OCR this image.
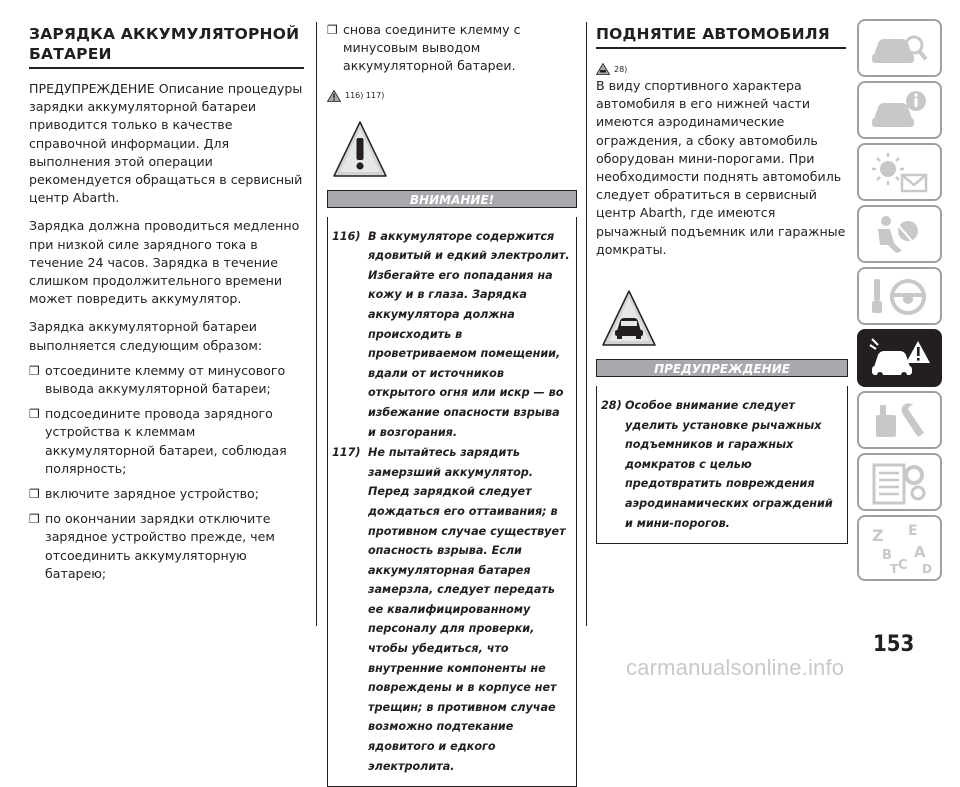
ЗАРЯДКА АККУМУЛЯТОРНОЙ
БАТАРЕИ

ПРЕДУПРЕЖДЕНИЕ Описание процедуры зарядки аккумуляторной батареи приводится только в качестве справочной информации. Для выполнения этой операции рекомендуется обращаться в сервисный центр Abarth.

Зарядка должна проводиться медленно при низкой силе зарядного тока в течение 24 часов. Зарядка в течение слишком продолжительного времени может повредить аккумулятор.

Зарядка аккумуляторной батареи выполняется следующим образом:

❒ отсоедините клемму от минусового вывода аккумуляторной батареи;
❒ подсоедините провода зарядного устройства к клеммам аккумуляторной батареи, соблюдая полярность;
❒ включите зарядное устройство;
❒ по окончании зарядки отключите зарядное устройство прежде, чем отсоединить аккумуляторную батарею;
❒ снова соедините клемму с минусовым выводом аккумуляторной батареи.
116) 117)
ВНИМАНИЕ!
116) В аккумуляторе содержится ядовитый и едкий электролит. Избегайте его попадания на кожу и в глаза. Зарядка аккумулятора должна происходить в проветриваемом помещении, вдали от источников открытого огня или искр — во избежание опасности взрыва и возгорания.
117) Не пытайтесь зарядить замерзший аккумулятор. Перед зарядкой следует дождаться его оттаивания; в противном случае существует опасность взрыва. Если аккумуляторная батарея замерзла, следует передать ее квалифицированному персоналу для проверки, чтобы убедиться, что внутренние компоненты не повреждены и в корпусе нет трещин; в противном случае возможно подтекание ядовитого и едкого электролита.
ПОДНЯТИЕ АВТОМОБИЛЯ
28)

В виду спортивного характера автомобиля в его нижней части имеются аэродинамические ограждения, а сбоку автомобиль оборудован мини-порогами. При необходимости поднять автомобиль следует обратиться в сервисный центр Abarth, где имеются рычажный подъемник или гаражные домкраты.

ПРЕДУПРЕЖДЕНИЕ
28) Особое внимание следует уделить установке рычажных подъемников и гаражных домкратов с целью предотвратить повреждения аэродинамических ограждений и мини-порогов.
Z E
B A
C D
T
153
carmanualsonline.info
